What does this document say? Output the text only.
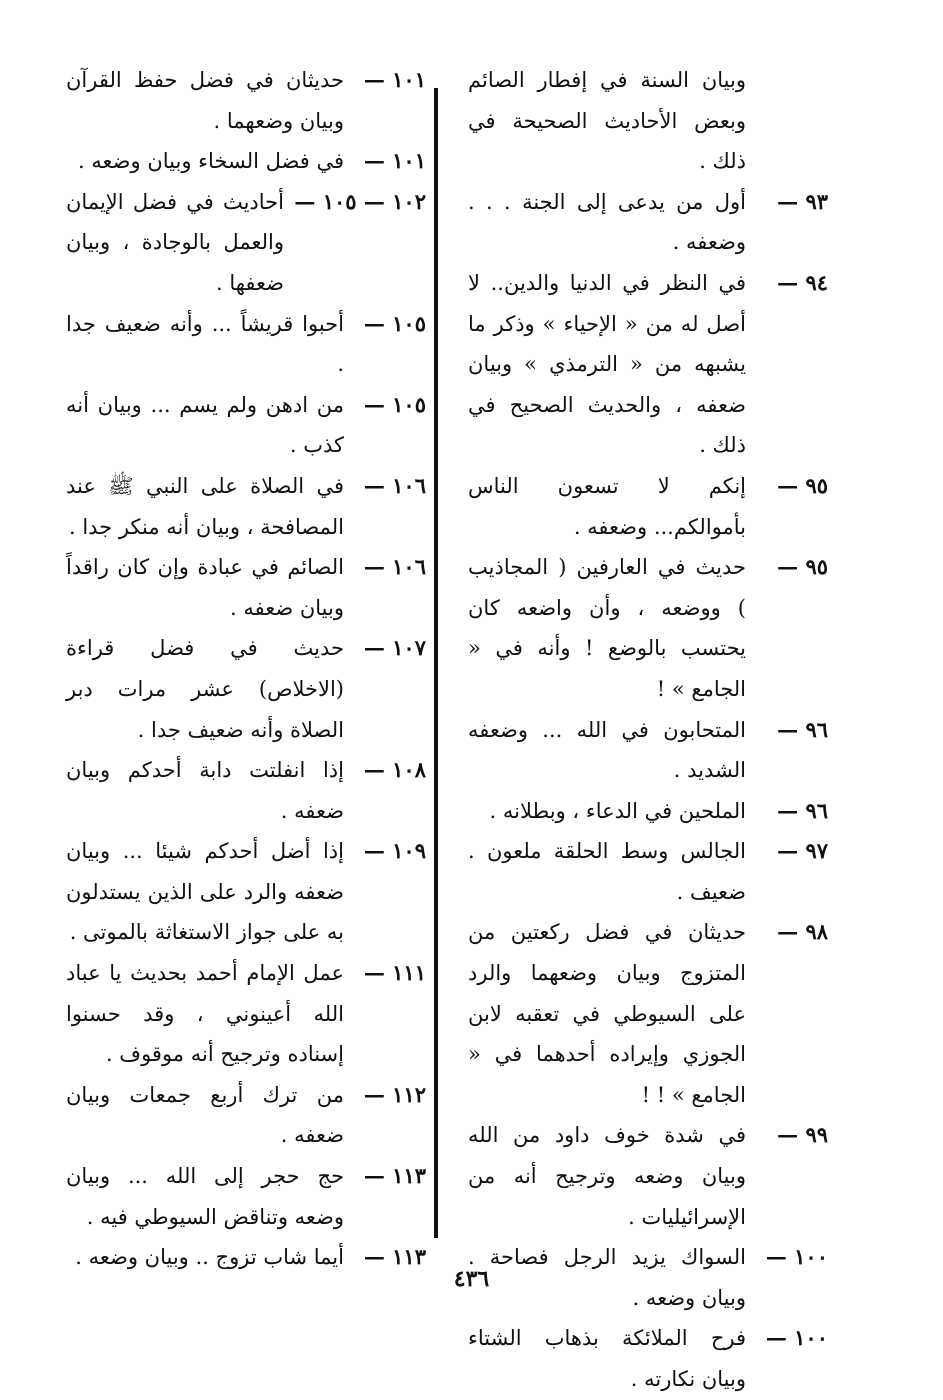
وبيان السنة في إفطار الصائم وبعض الأحاديث الصحيحة في ذلك .
٩٣ —
أول من يدعى إلى الجنة . . . وضعفه .
٩٤ —
في النظر في الدنيا والدين.. لا أصل له من « الإحياء » وذكر ما يشبهه من « الترمذي » وبيان ضعفه ، والحديث الصحيح في ذلك .
٩٥ —
إنكم لا تسعون الناس بأموالكم... وضعفه .
٩٥ —
حديث في العارفين ( المجاذيب ) ووضعه ، وأن واضعه كان يحتسب بالوضع ! وأنه في « الجامع » !
٩٦ —
المتحابون في الله ... وضعفه الشديد .
٩٦ —
الملحين في الدعاء ، وبطلانه .
٩٧ —
الجالس وسط الحلقة ملعون . ضعيف .
٩٨ —
حديثان في فضل ركعتين من المتزوج وبيان وضعهما والرد على السيوطي في تعقبه لابن الجوزي وإيراده أحدهما في « الجامع » ! !
٩٩ —
في شدة خوف داود من الله وبيان وضعه وترجيح أنه من الإسرائيليات .
١٠٠ —
السواك يزيد الرجل فصاحة . وبيان وضعه .
١٠٠ —
فرح الملائكة بذهاب الشتاء وبيان نكارته .
١٠١ —
حديثان في فضل حفظ القرآن وبيان وضعهما .
١٠١ —
في فضل السخاء وبيان وضعه .
١٠٢ — ١٠٥ —
أحاديث في فضل الإيمان والعمل بالوجادة ، وبيان ضعفها .
١٠٥ —
أحبوا قريشاً ... وأنه ضعيف جدا .
١٠٥ —
من ادهن ولم يسم ... وبيان أنه كذب .
١٠٦ —
في الصلاة على النبي ﷺ عند المصافحة ، وبيان أنه منكر جدا .
١٠٦ —
الصائم في عبادة وإن كان راقداً وبيان ضعفه .
١٠٧ —
حديث في فضل قراءة (الاخلاص) عشر مرات دبر الصلاة وأنه ضعيف جدا .
١٠٨ —
إذا انفلتت دابة أحدكم وبيان ضعفه .
١٠٩ —
إذا أضل أحدكم شيئا ... وبيان ضعفه والرد على الذين يستدلون به على جواز الاستغاثة بالموتى .
١١١ —
عمل الإمام أحمد بحديث يا عباد الله أعينوني ، وقد حسنوا إسناده وترجيح أنه موقوف .
١١٢ —
من ترك أربع جمعات وبيان ضعفه .
١١٣ —
حج حجر إلى الله ... وبيان وضعه وتناقض السيوطي فيه .
١١٣ —
أيما شاب تزوج .. وبيان وضعه .
٤٣٦
